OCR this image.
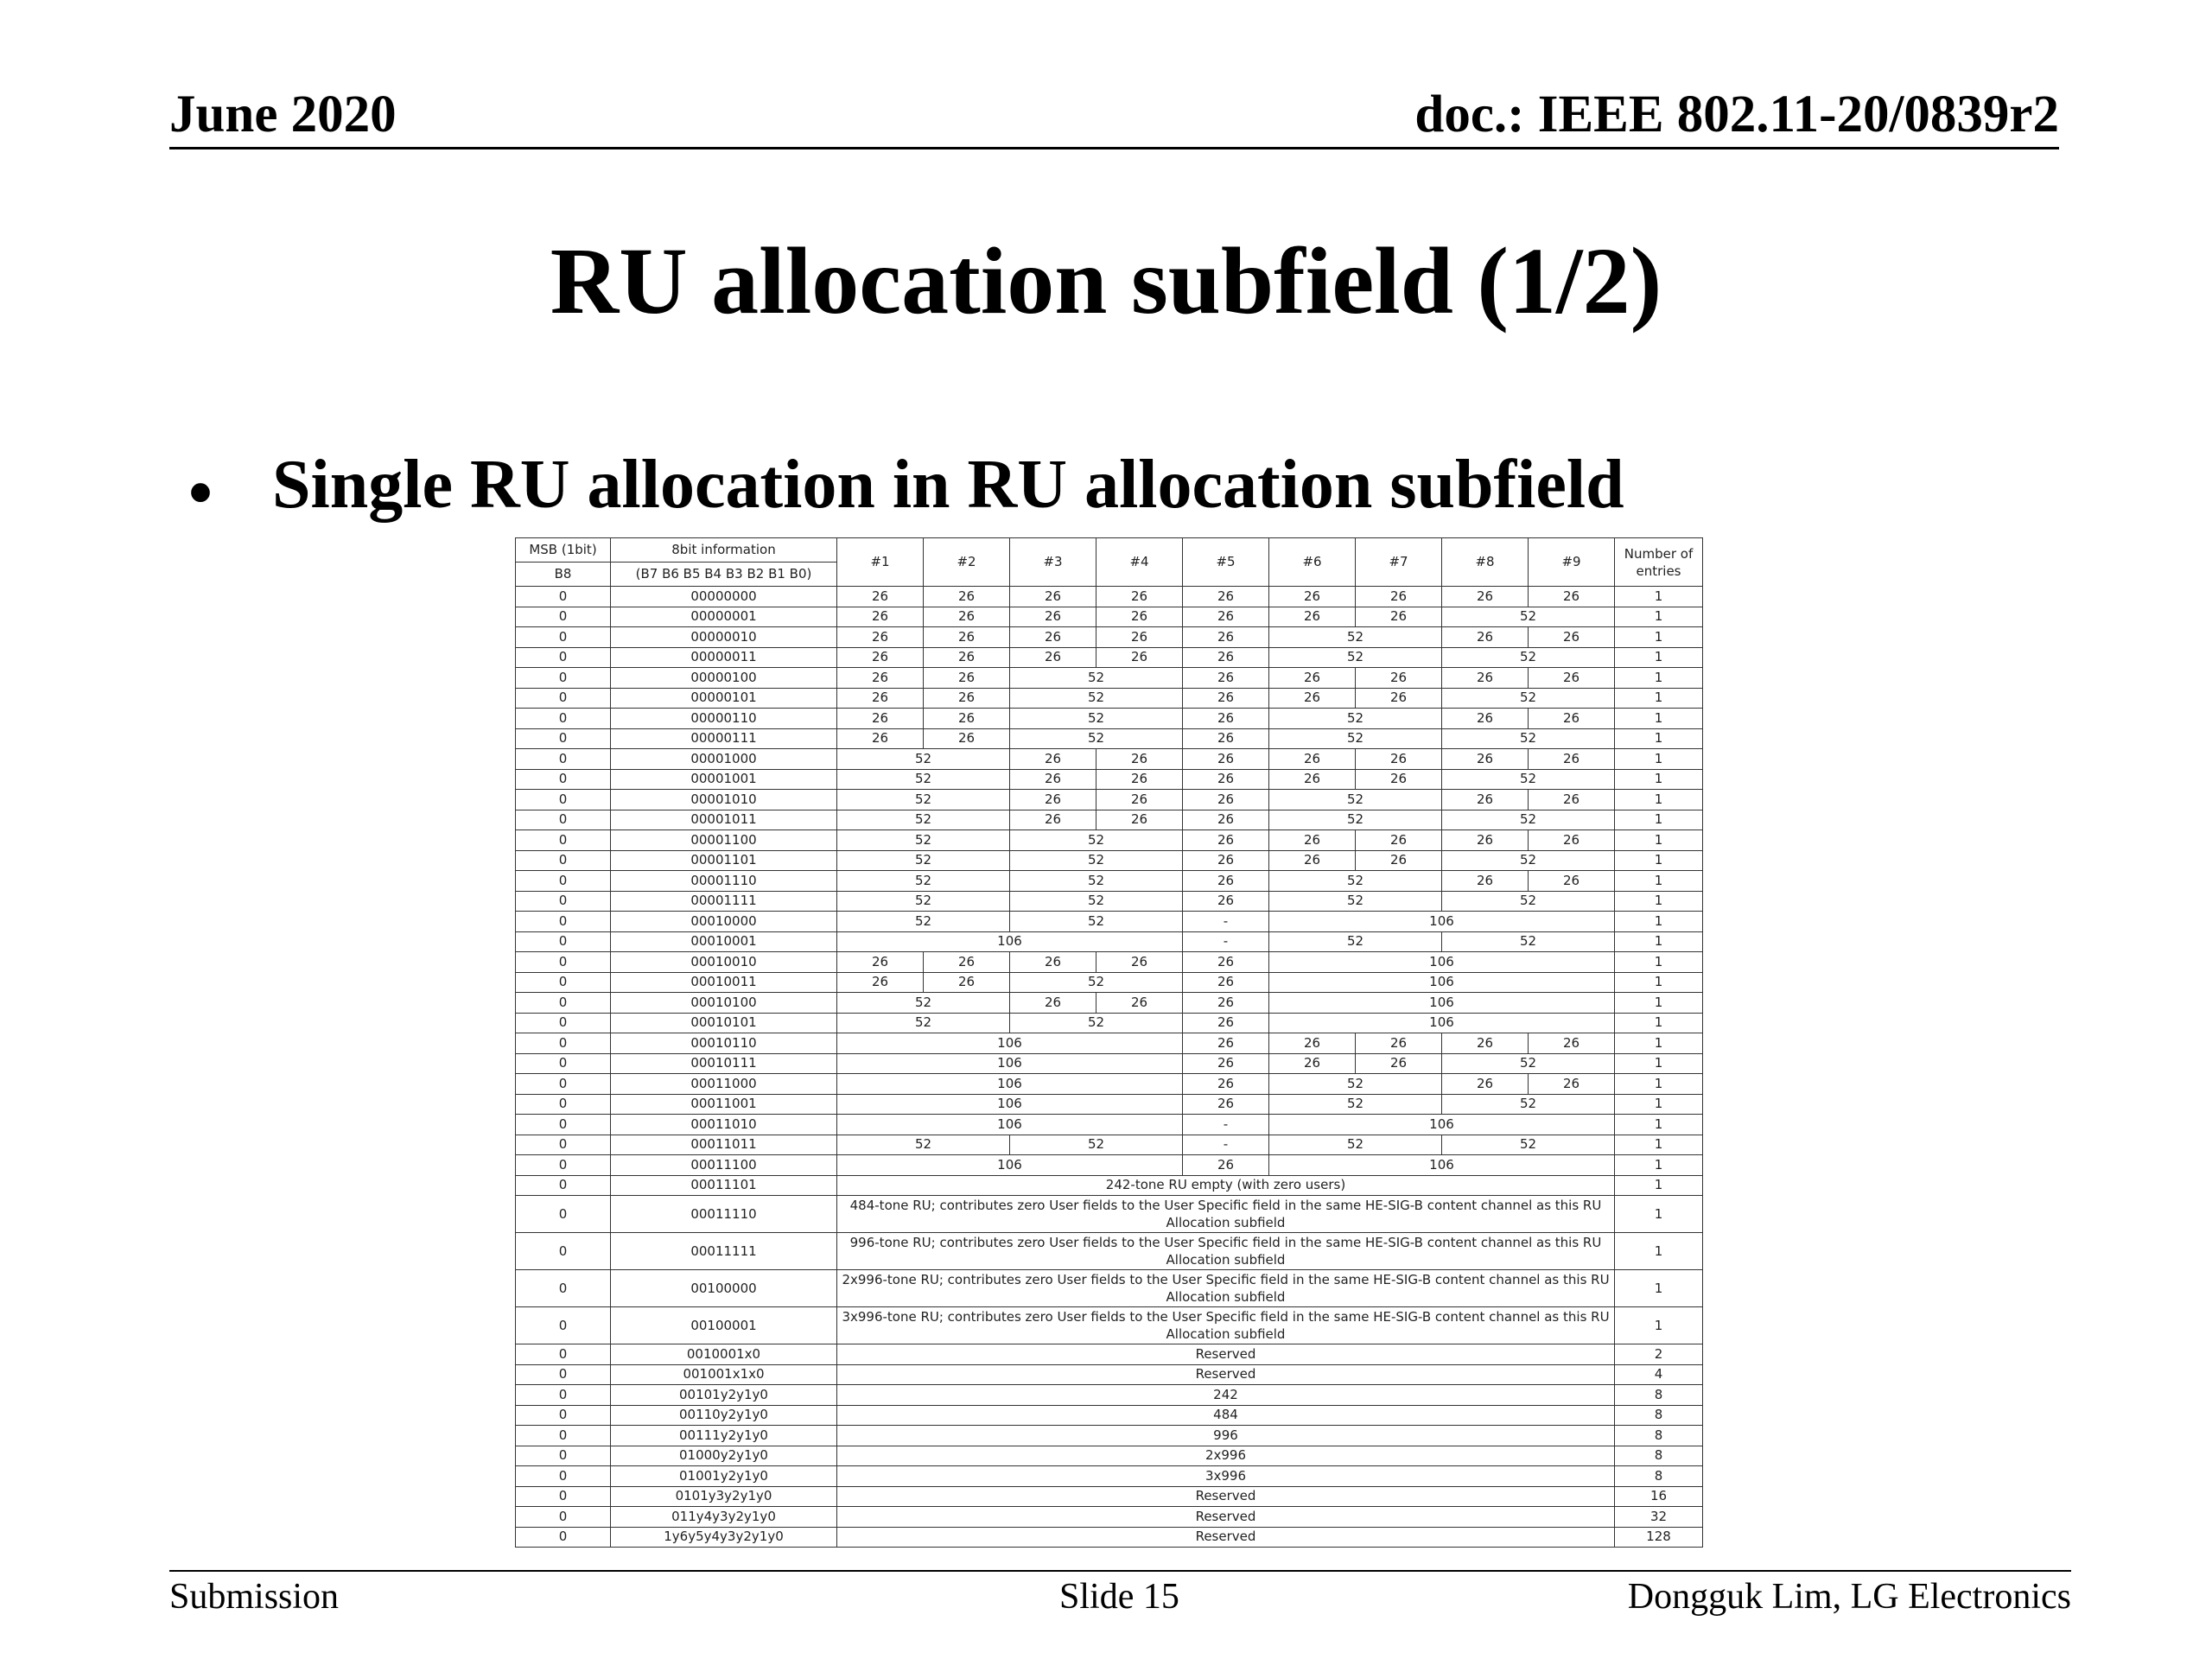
June 2020	doc.: IEEE 802.11-20/0839r2
RU allocation subfield (1/2)
• Single RU allocation in RU allocation subfield
MSB (1bit)	8bit information	#1	#2	#3	#4	#5	#6	#7	#8	#9	Number of entries
B8	(B7 B6 B5 B4 B3 B2 B1 B0)										
0	00000000	26	26	26	26	26	26	26	26	26	1
0	00000001	26	26	26	26	26	26	26	52		1
0	00000010	26	26	26	26	26	52		26	26	1
0	00000011	26	26	26	26	26	52		52		1
0	00000100	26	26	52		26	26	26	26	26	1
0	00000101	26	26	52		26	26	26	52		1
0	00000110	26	26	52		26	52		26	26	1
0	00000111	26	26	52		26	52		52		1
0	00001000	52		26	26	26	26	26	26	26	1
0	00001001	52		26	26	26	26	26	52		1
0	00001010	52		26	26	26	52		26	26	1
0	00001011	52		26	26	26	52		52		1
0	00001100	52		52		26	26	26	26	26	1
0	00001101	52		52		26	26	26	52		1
0	00001110	52		52		26	52		26	26	1
0	00001111	52		52		26	52		52		1
0	00010000	52		52		-	106				1
0	00010001	106				-	52		52		1
0	00010010	26	26	26	26	26	106				1
0	00010011	26	26	52		26	106				1
0	00010100	52		26	26	26	106				1
0	00010101	52		52		26	106				1
0	00010110	106				26	26	26	26	26	1
0	00010111	106				26	26	26	52		1
0	00011000	106				26	52		26	26	1
0	00011001	106				26	52		52		1
0	00011010	106				-	106				1
0	00011011	52		52		-	52		52		1
0	00011100	106				26	106				1
0	00011101	242-tone RU empty (with zero users)									1
0	00011110	484-tone RU; contributes zero User fields to the User Specific field in the same HE-SIG-B content channel as this RU Allocation subfield									1
0	00011111	996-tone RU; contributes zero User fields to the User Specific field in the same HE-SIG-B content channel as this RU Allocation subfield									1
0	00100000	2x996-tone RU; contributes zero User fields to the User Specific field in the same HE-SIG-B content channel as this RU Allocation subfield									1
0	00100001	3x996-tone RU; contributes zero User fields to the User Specific field in the same HE-SIG-B content channel as this RU Allocation subfield									1
0	0010001x0	Reserved									2
0	001001x1x0	Reserved									4
0	00101y2y1y0	242									8
0	00110y2y1y0	484									8
0	00111y2y1y0	996									8
0	01000y2y1y0	2x996									8
0	01001y2y1y0	3x996									8
0	0101y3y2y1y0	Reserved									16
0	011y4y3y2y1y0	Reserved									32
0	1y6y5y4y3y2y1y0	Reserved									128
Submission	Slide 15	Dongguk Lim, LG Electronics
